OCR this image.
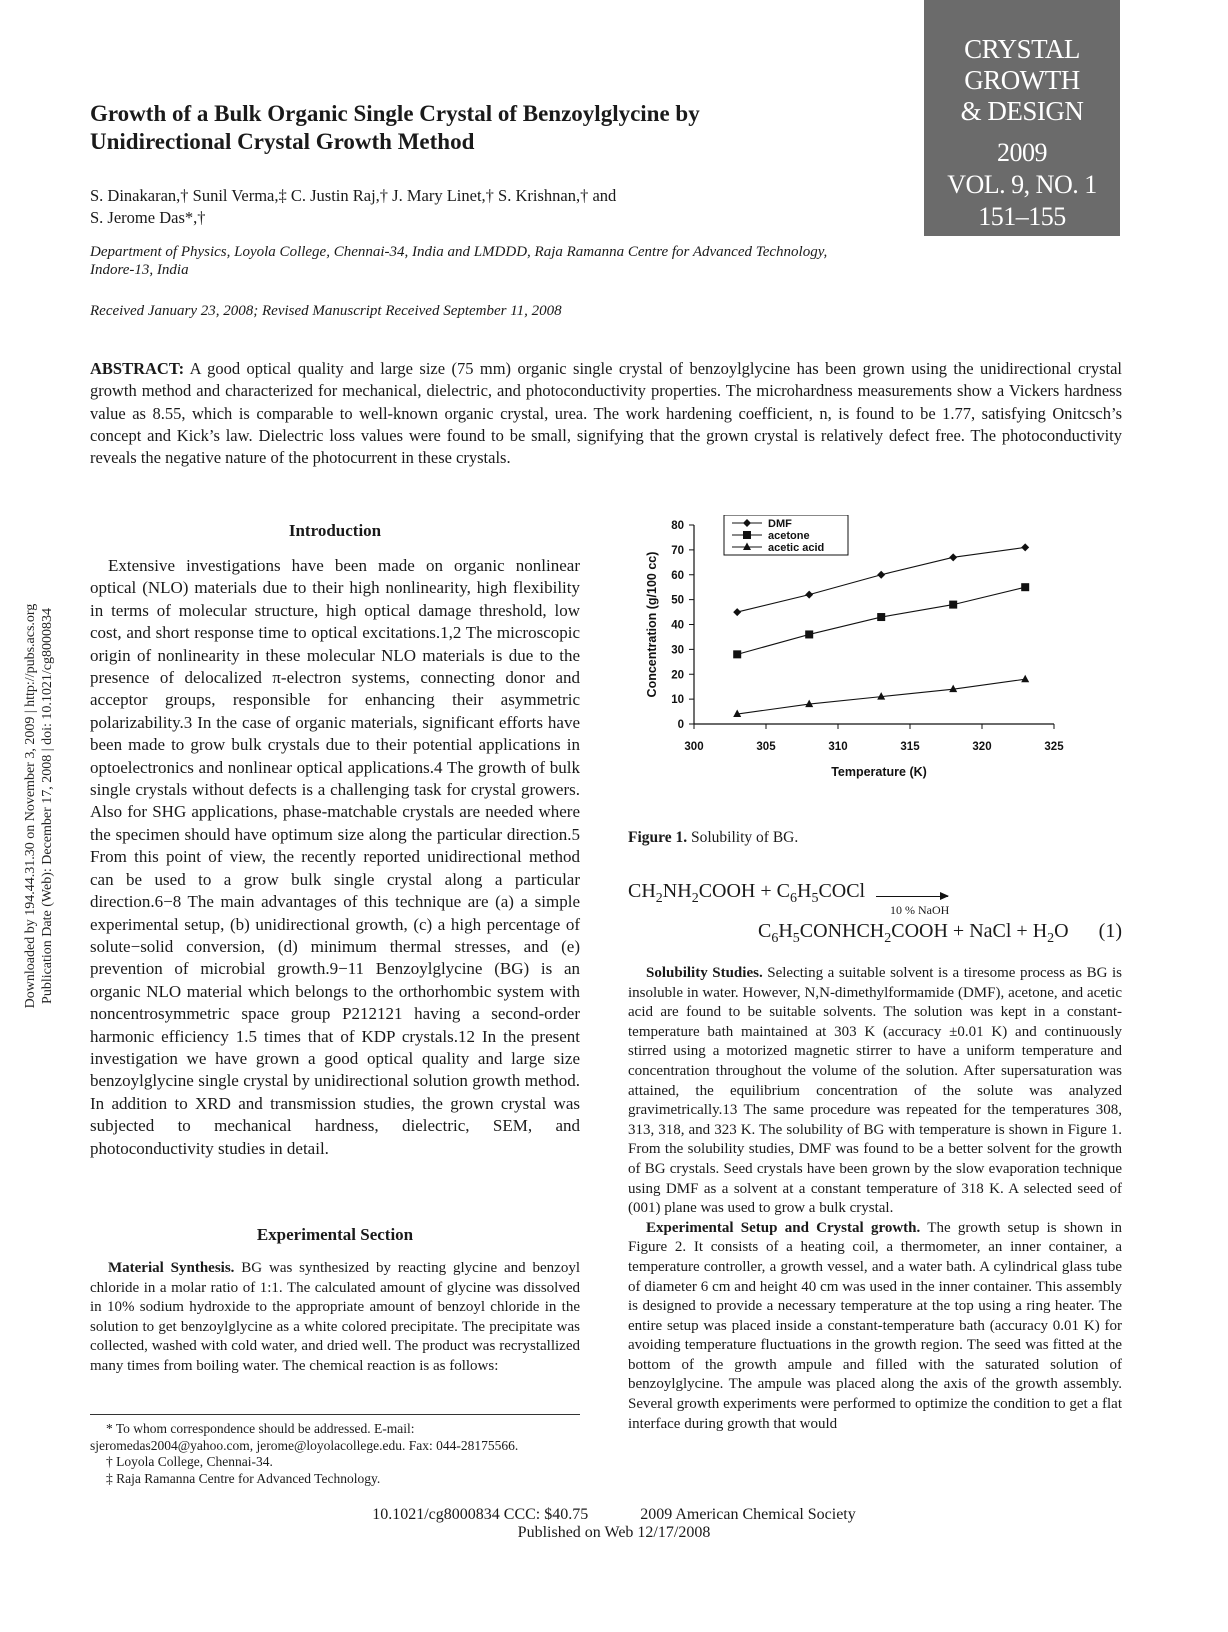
CRYSTAL
GROWTH
& DESIGN
2009
VOL. 9, NO. 1
151–155
Growth of a Bulk Organic Single Crystal of Benzoylglycine by Unidirectional Crystal Growth Method
S. Dinakaran,† Sunil Verma,‡ C. Justin Raj,† J. Mary Linet,† S. Krishnan,† and
S. Jerome Das*,†
Department of Physics, Loyola College, Chennai-34, India and LMDDD, Raja Ramanna Centre for Advanced Technology, Indore-13, India
Received January 23, 2008; Revised Manuscript Received September 11, 2008
ABSTRACT: A good optical quality and large size (75 mm) organic single crystal of benzoylglycine has been grown using the unidirectional crystal growth method and characterized for mechanical, dielectric, and photoconductivity properties. The microhardness measurements show a Vickers hardness value as 8.55, which is comparable to well-known organic crystal, urea. The work hardening coefficient, n, is found to be 1.77, satisfying Onitcsch’s concept and Kick’s law. Dielectric loss values were found to be small, signifying that the grown crystal is relatively defect free. The photoconductivity reveals the negative nature of the photocurrent in these crystals.
Downloaded by 194.44.31.30 on November 3, 2009 | http://pubs.acs.org Publication Date (Web): December 17, 2008 | doi: 10.1021/cg8000834
Introduction
Extensive investigations have been made on organic nonlinear optical (NLO) materials due to their high nonlinearity, high flexibility in terms of molecular structure, high optical damage threshold, low cost, and short response time to optical excitations.1,2 The microscopic origin of nonlinearity in these molecular NLO materials is due to the presence of delocalized π-electron systems, connecting donor and acceptor groups, responsible for enhancing their asymmetric polarizability.3 In the case of organic materials, significant efforts have been made to grow bulk crystals due to their potential applications in optoelectronics and nonlinear optical applications.4 The growth of bulk single crystals without defects is a challenging task for crystal growers. Also for SHG applications, phase-matchable crystals are needed where the specimen should have optimum size along the particular direction.5 From this point of view, the recently reported unidirectional method can be used to a grow bulk single crystal along a particular direction.6−8 The main advantages of this technique are (a) a simple experimental setup, (b) unidirectional growth, (c) a high percentage of solute−solid conversion, (d) minimum thermal stresses, and (e) prevention of microbial growth.9−11 Benzoylglycine (BG) is an organic NLO material which belongs to the orthorhombic system with noncentrosymmetric space group P212121 having a second-order harmonic efficiency 1.5 times that of KDP crystals.12 In the present investigation we have grown a good optical quality and large size benzoylglycine single crystal by unidirectional solution growth method. In addition to XRD and transmission studies, the grown crystal was subjected to mechanical hardness, dielectric, SEM, and photoconductivity studies in detail.
Experimental Section
Material Synthesis. BG was synthesized by reacting glycine and benzoyl chloride in a molar ratio of 1:1. The calculated amount of glycine was dissolved in 10% sodium hydroxide to the appropriate amount of benzoyl chloride in the solution to get benzoylglycine as a white colored precipitate. The precipitate was collected, washed with cold water, and dried well. The product was recrystallized many times from boiling water. The chemical reaction is as follows:
* To whom correspondence should be addressed. E-mail: sjeromedas2004@yahoo.com, jerome@loyolacollege.edu. Fax: 044-28175566.
† Loyola College, Chennai-34.
‡ Raja Ramanna Centre for Advanced Technology.
0
10
20
30
40
50
60
70
80
300	305	310	315	320	325
Concentration (g/100 cc)
Temperature (K)
DMF
acetone
acetic acid
Figure 1. Solubility of BG.
$CH_2NH_2COOH$ + $C_6H_5COCl$ →
10 % NaOH
$C_6H_5CONHCH_2COOH$ + NaCl + $H_2O$ (1)
Solubility Studies. Selecting a suitable solvent is a tiresome process as BG is insoluble in water. However, N,N-dimethylformamide (DMF), acetone, and acetic acid are found to be suitable solvents. The solution was kept in a constant-temperature bath maintained at 303 K (accuracy ±0.01 K) and continuously stirred using a motorized magnetic stirrer to have a uniform temperature and concentration throughout the volume of the solution. After supersaturation was attained, the equilibrium concentration of the solute was analyzed gravimetrically.13 The same procedure was repeated for the temperatures 308, 313, 318, and 323 K. The solubility of BG with temperature is shown in Figure 1. From the solubility studies, DMF was found to be a better solvent for the growth of BG crystals. Seed crystals have been grown by the slow evaporation technique using DMF as a solvent at a constant temperature of 318 K. A selected seed of (001) plane was used to grow a bulk crystal.
Experimental Setup and Crystal growth. The growth setup is shown in Figure 2. It consists of a heating coil, a thermometer, an inner container, a temperature controller, a growth vessel, and a water bath. A cylindrical glass tube of diameter 6 cm and height 40 cm was used in the inner container. This assembly is designed to provide a necessary temperature at the top using a ring heater. The entire setup was placed inside a constant-temperature bath (accuracy 0.01 K) for avoiding temperature fluctuations in the growth region. The seed was fitted at the bottom of the growth ampule and filled with the saturated solution of benzoylglycine. The ampule was placed along the axis of the growth assembly. Several growth experiments were performed to optimize the condition to get a flat interface during growth that would
10.1021/cg8000834 CCC: $40.75	2009 American Chemical Society
Published on Web 12/17/2008
